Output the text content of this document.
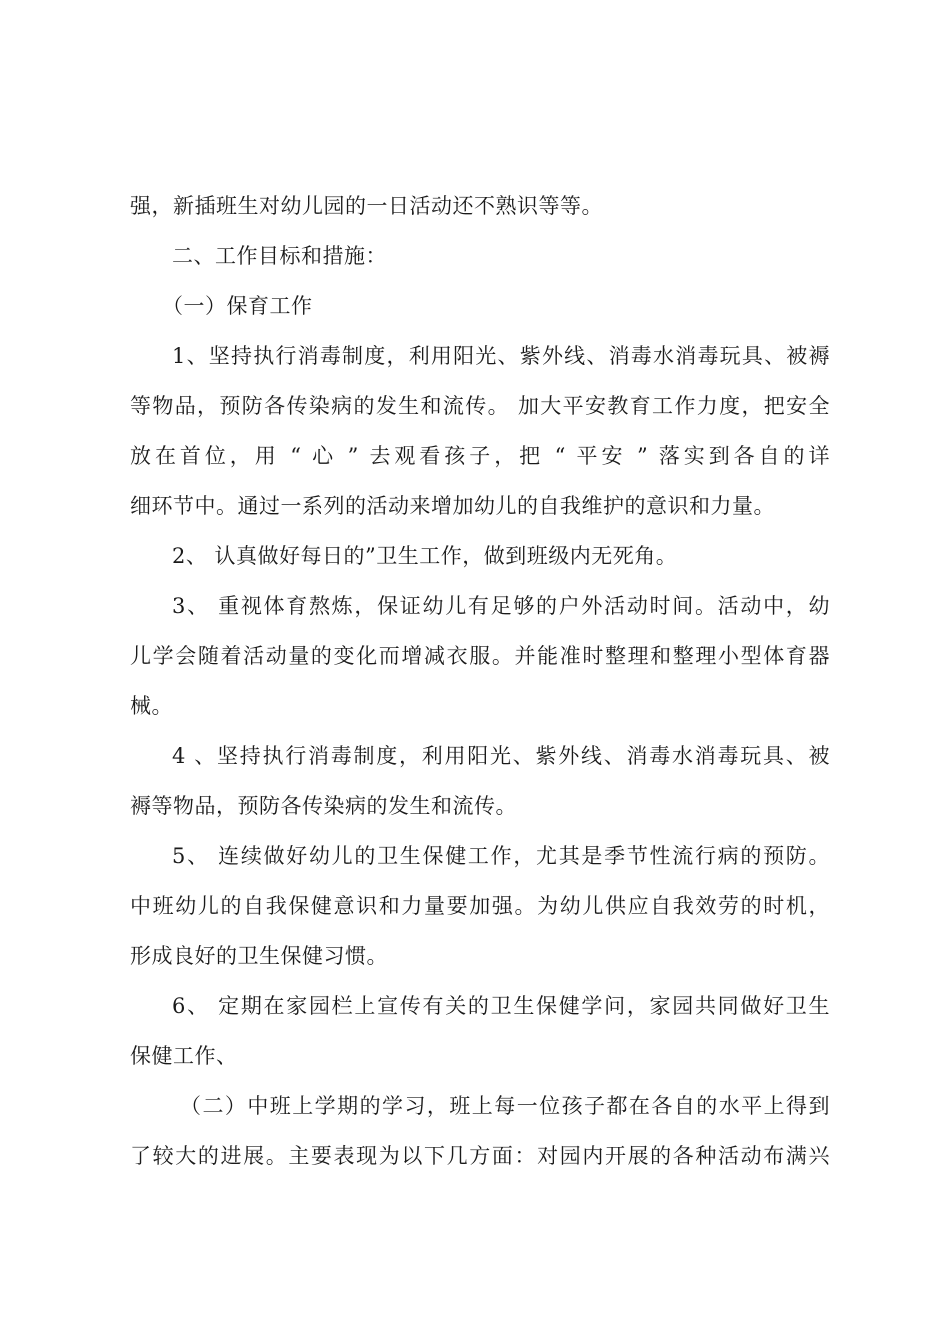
强，新插班生对幼儿园的一日活动还不熟识等等。
二、工作目标和措施：
（一）保育工作
1、坚持执行消毒制度，利用阳光、紫外线、消毒水消毒玩具、被褥
等物品，预防各传染病的发生和流传。 加大平安教育工作力度，把安全
放在首位，用 “ 心 ” 去观看孩子，把 “ 平安 ” 落实到各自的详
细环节中。通过一系列的活动来增加幼儿的自我维护的意识和力量。
2、 认真做好每日的”卫生工作，做到班级内无死角。
3、 重视体育熬炼，保证幼儿有足够的户外活动时间。活动中，幼
儿学会随着活动量的变化而增减衣服。并能准时整理和整理小型体育器
械。
4 、坚持执行消毒制度，利用阳光、紫外线、消毒水消毒玩具、被
褥等物品，预防各传染病的发生和流传。
5、 连续做好幼儿的卫生保健工作，尤其是季节性流行病的预防。
中班幼儿的自我保健意识和力量要加强。为幼儿供应自我效劳的时机，
形成良好的卫生保健习惯。
6、 定期在家园栏上宣传有关的卫生保健学问，家园共同做好卫生
保健工作、
（二）中班上学期的学习，班上每一位孩子都在各自的水平上得到
了较大的进展。主要表现为以下几方面：对园内开展的各种活动布满兴
